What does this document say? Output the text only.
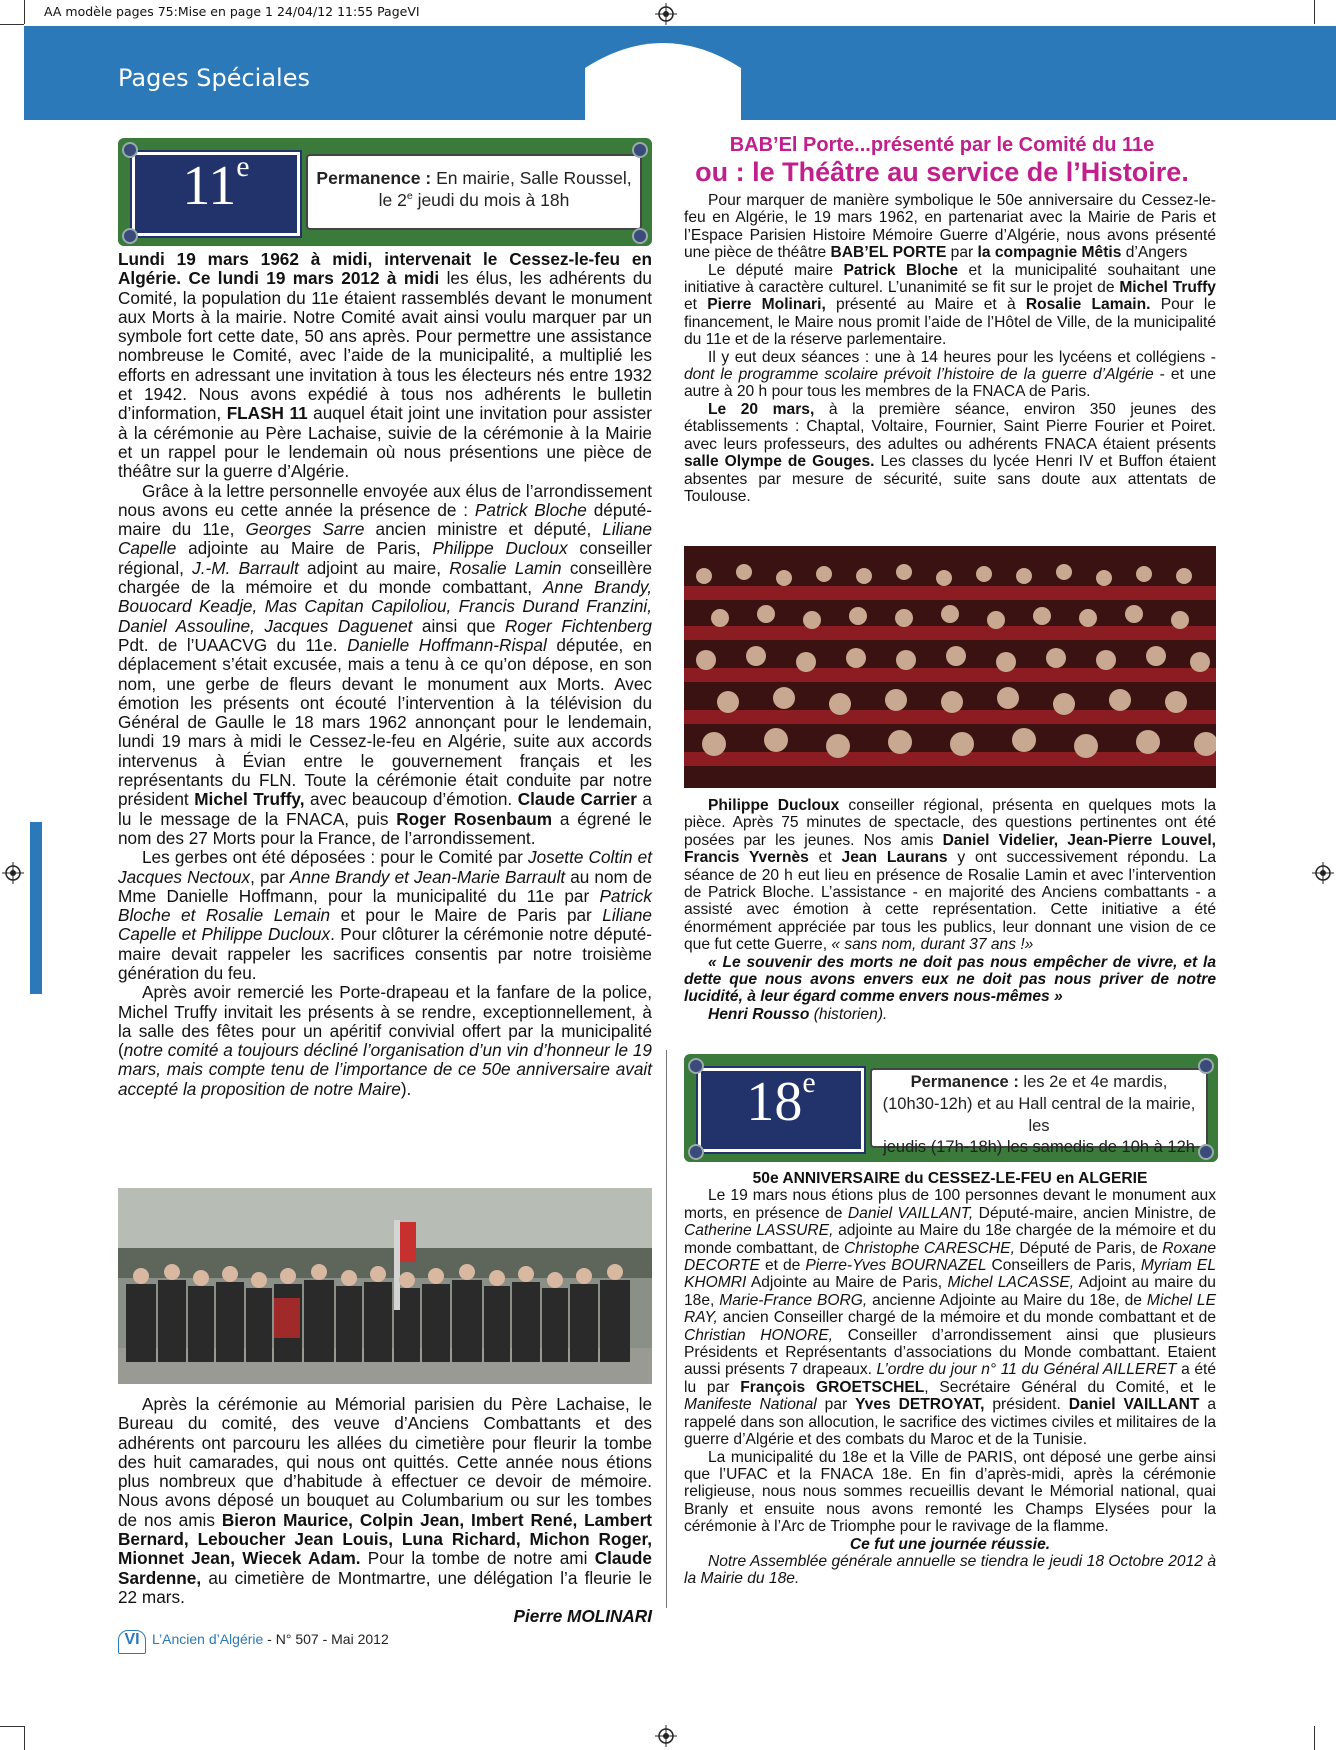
AA modèle pages 75:Mise en page 1 24/04/12 11:55 PageVI
Pages Spéciales
11e	Permanence : En mairie, Salle Roussel,
le 2e jeudi du mois à 18h

Lundi 19 mars 1962 à midi, intervenait le Cessez-le-feu en Algérie. Ce lundi 19 mars 2012 à midi les élus, les adhérents du Comité, la population du 11e étaient rassemblés devant le monument aux Morts à la mairie. Notre Comité avait ainsi voulu marquer par un symbole fort cette date, 50 ans après. Pour permettre une assistance nombreuse le Comité, avec l’aide de la municipalité, a multiplié les efforts en adressant une invitation à tous les électeurs nés entre 1932 et 1942. Nous avons expédié à tous nos adhérents le bulletin d’information, FLASH 11 auquel était joint une invitation pour assister à la cérémonie au Père Lachaise, suivie de la cérémonie à la Mairie et un rappel pour le lendemain où nous présentions une pièce de théâtre sur la guerre d’Algérie.

Grâce à la lettre personnelle envoyée aux élus de l’arrondissement nous avons eu cette année la présence de : Patrick Bloche député-maire du 11e, Georges Sarre ancien ministre et député, Liliane Capelle adjointe au Maire de Paris, Philippe Ducloux conseiller régional, J.-M. Barrault adjoint au maire, Rosalie Lamin conseillère chargée de la mémoire et du monde combattant, Anne Brandy, Bouocard Keadje, Mas Capitan Capiloliou, Francis Durand Franzini, Daniel Assouline, Jacques Daguenet ainsi que Roger Fichtenberg Pdt. de l’UAACVG du 11e. Danielle Hoffmann-Rispal députée, en déplacement s’était excusée, mais a tenu à ce qu’on dépose, en son nom, une gerbe de fleurs devant le monument aux Morts. Avec émotion les présents ont écouté l’intervention à la télévision du Général de Gaulle le 18 mars 1962 annonçant pour le lendemain, lundi 19 mars à midi le Cessez-le-feu en Algérie, suite aux accords intervenus à Évian entre le gouvernement français et les représentants du FLN. Toute la cérémonie était conduite par notre président Michel Truffy, avec beaucoup d’émotion. Claude Carrier a lu le message de la FNACA, puis Roger Rosenbaum a égrené le nom des 27 Morts pour la France, de l’arrondissement.

Les gerbes ont été déposées : pour le Comité par Josette Coltin et Jacques Nectoux, par Anne Brandy et Jean-Marie Barrault au nom de Mme Danielle Hoffmann, pour la municipalité du 11e par Patrick Bloche et Rosalie Lemain et pour le Maire de Paris par Liliane Capelle et Philippe Ducloux. Pour clôturer la cérémonie notre député-maire devait rappeler les sacrifices consentis par notre troisième génération du feu.

Après avoir remercié les Porte-drapeau et la fanfare de la police, Michel Truffy invitait les présents à se rendre, exceptionnellement, à la salle des fêtes pour un apéritif convivial offert par la municipalité (notre comité a toujours décliné l’organisation d’un vin d’honneur le 19 mars, mais compte tenu de l’importance de ce 50e anniversaire avait accepté la proposition de notre Maire).

Après la cérémonie au Mémorial parisien du Père Lachaise, le Bureau du comité, des veuve d’Anciens Combattants et des adhérents ont parcouru les allées du cimetière pour fleurir la tombe des huit camarades, qui nous ont quittés. Cette année nous étions plus nombreux que d’habitude à effectuer ce devoir de mémoire. Nous avons déposé un bouquet au Columbarium ou sur les tombes de nos amis Bieron Maurice, Colpin Jean, Imbert René, Lambert Bernard, Leboucher Jean Louis, Luna Richard, Michon Roger, Mionnet Jean, Wiecek Adam. Pour la tombe de notre ami Claude Sardenne, au cimetière de Montmartre, une délégation l’a fleurie le 22 mars.

Pierre MOLINARI

BAB’El Porte...présenté par le Comité du 11e
ou : le Théâtre au service de l’Histoire.

Pour marquer de manière symbolique le 50e anniversaire du Cessez-le-feu en Algérie, le 19 mars 1962, en partenariat avec la Mairie de Paris et l’Espace Parisien Histoire Mémoire Guerre d’Algérie, nous avons présenté une pièce de théâtre BAB’EL PORTE par la compagnie Mêtis d’Angers

Le député maire Patrick Bloche et la municipalité souhaitant une initiative à caractère culturel. L’unanimité se fit sur le projet de Michel Truffy et Pierre Molinari, présenté au Maire et à Rosalie Lamain. Pour le financement, le Maire nous promit l’aide de l’Hôtel de Ville, de la municipalité du 11e et de la réserve parlementaire.

Il y eut deux séances : une à 14 heures pour les lycéens et collégiens - dont le programme scolaire prévoit l’histoire de la guerre d’Algérie - et une autre à 20 h pour tous les membres de la FNACA de Paris.

Le 20 mars, à la première séance, environ 350 jeunes des établissements : Chaptal, Voltaire, Fournier, Saint Pierre Fourier et Poiret. avec leurs professeurs, des adultes ou adhérents FNACA étaient présents salle Olympe de Gouges. Les classes du lycée Henri IV et Buffon étaient absentes par mesure de sécurité, suite sans doute aux attentats de Toulouse.

Philippe Ducloux conseiller régional, présenta en quelques mots la pièce. Après 75 minutes de spectacle, des questions pertinentes ont été posées par les jeunes. Nos amis Daniel Videlier, Jean-Pierre Louvel, Francis Yvernès et Jean Laurans y ont successivement répondu. La séance de 20 h eut lieu en présence de Rosalie Lamin et avec l’intervention de Patrick Bloche. L’assistance - en majorité des Anciens combattants - a assisté avec émotion à cette représentation. Cette initiative a été énormément appréciée par tous les publics, leur donnant une vision de ce que fut cette Guerre, « sans nom, durant 37 ans !»

« Le souvenir des morts ne doit pas nous empêcher de vivre, et la dette que nous avons envers eux ne doit pas nous priver de notre lucidité, à leur égard comme envers nous-mêmes »

Henri Rousso (historien).

18e	Permanence : les 2e et 4e mardis,
(10h30-12h) et au Hall central de la mairie, les
jeudis (17h-18h) les samedis de 10h à 12h

50e ANNIVERSAIRE du CESSEZ-LE-FEU en ALGERIE

Le 19 mars nous étions plus de 100 personnes devant le monument aux morts, en présence de Daniel VAILLANT, Député-maire, ancien Ministre, de Catherine LASSURE, adjointe au Maire du 18e chargée de la mémoire et du monde combattant, de Christophe CARESCHE, Député de Paris, de Roxane DECORTE et de Pierre-Yves BOURNAZEL Conseillers de Paris, Myriam EL KHOMRI Adjointe au Maire de Paris, Michel LACASSE, Adjoint au maire du 18e, Marie-France BORG, ancienne Adjointe au Maire du 18e, de Michel LE RAY, ancien Conseiller chargé de la mémoire et du monde combattant et de Christian HONORE, Conseiller d’arrondissement ainsi que plusieurs Présidents et Représentants d’associations du Monde combattant. Etaient aussi présents 7 drapeaux. L’ordre du jour n° 11 du Général AILLERET a été lu par François GROETSCHEL, Secrétaire Général du Comité, et le Manifeste National par Yves DETROYAT, président. Daniel VAILLANT a rappelé dans son allocution, le sacrifice des victimes civiles et militaires de la guerre d’Algérie et des combats du Maroc et de la Tunisie.

La municipalité du 18e et la Ville de PARIS, ont déposé une gerbe ainsi que l’UFAC et la FNACA 18e. En fin d’après-midi, après la cérémonie religieuse, nous nous sommes recueillis devant le Mémorial national, quai Branly et ensuite nous avons remonté les Champs Elysées pour la cérémonie à l’Arc de Triomphe pour le ravivage de la flamme.

Ce fut une journée réussie.

Notre Assemblée générale annuelle se tiendra le jeudi 18 Octobre 2012 à la Mairie du 18e.

VI L’Ancien d’Algérie - N° 507 - Mai 2012
